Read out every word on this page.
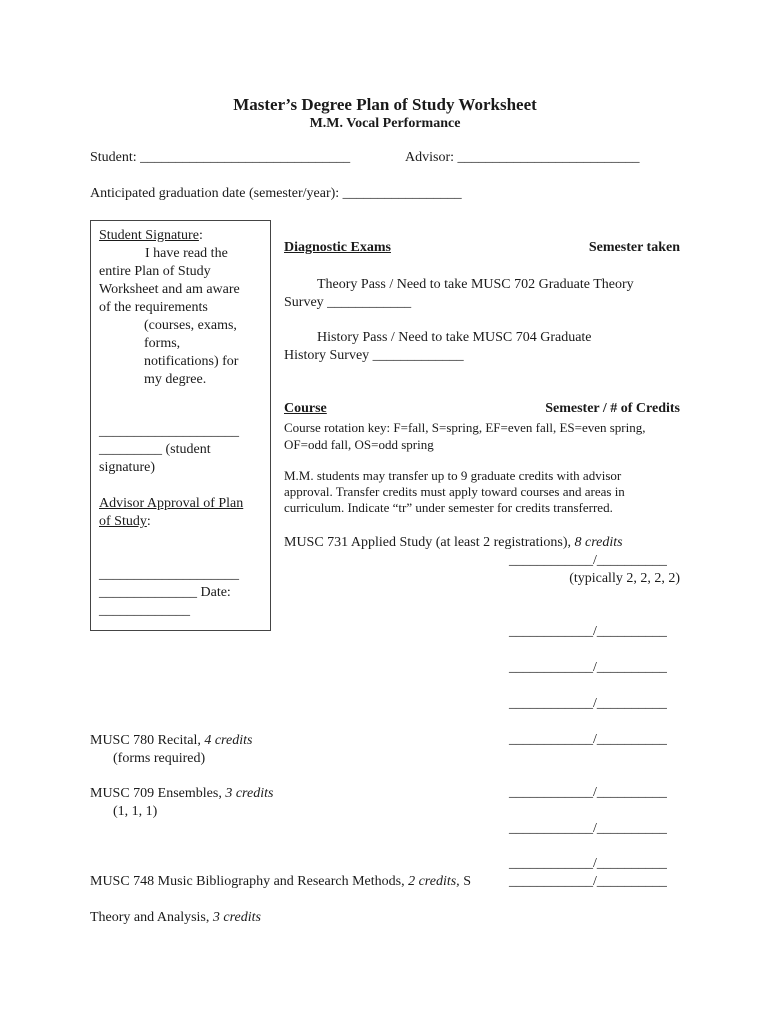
Master’s Degree Plan of Study Worksheet
M.M. Vocal Performance
Student: ______________________________	Advisor: __________________________
Anticipated graduation date (semester/year): _________________
Student Signature:
I have read the
entire Plan of Study
Worksheet and am aware
of the requirements
(courses, exams,
forms,
notifications) for
my degree.
____________________
_________ (student
signature)
Advisor Approval of Plan
of Study:
____________________
______________ Date:
_____________
Diagnostic Exams	Semester taken
Theory Pass / Need to take MUSC 702 Graduate Theory
Survey ____________
History Pass / Need to take MUSC 704 Graduate
History Survey _____________
Course	Semester / # of Credits
Course rotation key: F=fall, S=spring, EF=even fall, ES=even spring,
OF=odd fall, OS=odd spring
M.M. students may transfer up to 9 graduate credits with advisor
approval. Transfer credits must apply toward courses and areas in
curriculum. Indicate “tr” under semester for credits transferred.
MUSC 731 Applied Study (at least 2 registrations), 8 credits
____________/__________
(typically 2, 2, 2, 2)
____________/__________
____________/__________
____________/__________
MUSC 780 Recital, 4 credits
(forms required)
____________/__________
MUSC 709 Ensembles, 3 credits
(1, 1, 1)
____________/__________
____________/__________
____________/__________
MUSC 748 Music Bibliography and Research Methods, 2 credits, S	____________/__________
Theory and Analysis, 3 credits
